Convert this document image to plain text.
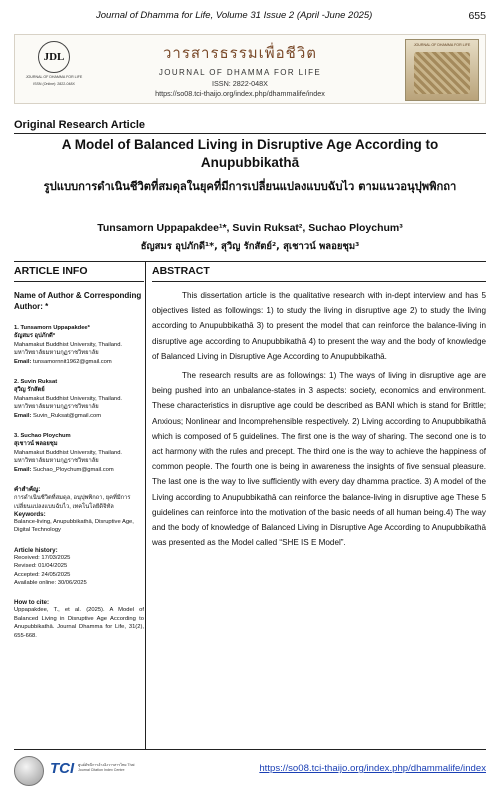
Journal of Dhamma for Life, Volume 31 Issue 2 (April -June 2025)	655
JDL
JOURNAL OF DHAMMA FOR LIFE
ISSN (Online): 2822-048X
วารสารธรรมเพื่อชีวิต
JOURNAL OF DHAMMA FOR LIFE
ISSN: 2822-048X
https://so08.tci-thaijo.org/index.php/dhammalife/index
JOURNAL OF DHAMMA FOR LIFE
Original Research Article
A Model of Balanced Living in Disruptive Age According to Anupubbikathā
รูปแบบการดำเนินชีวิตที่สมดุลในยุคที่มีการเปลี่ยนแปลงแบบฉับไว ตามแนวอนุปุพพิกถา
Tunsamorn Uppapakdee¹*, Suvin Ruksat², Suchao Ploychum³
ธัญสมร อุปภักดี¹*, สุวิญ รักสัตย์², สุเชาวน์ พลอยชุม³
ARTICLE INFO
Name of Author & Corresponding Author: *
1. Tunsamorn Uppapakdee*
ธัญสมร อุปภักดี*
Mahamakut Buddhist University, Thailand.
มหาวิทยาลัยมหามกุฏราชวิทยาลัย
Email: tunsamornnit1962@gmail.com
2. Suvin Ruksat
สุวิญ รักสัตย์
Mahamakut Buddhist University, Thailand.
มหาวิทยาลัยมหามกุฏราชวิทยาลัย
Email: Suvin_Ruksat@gmail.com
3. Suchao Ploychum
สุเชาวน์ พลอยชุม
Mahamakut Buddhist University, Thailand.
มหาวิทยาลัยมหามกุฏราชวิทยาลัย
Email: Suchao_Ploychum@gmail.com
คำสำคัญ:
การดำเนินชีวิตที่สมดุล, อนุปุพพิกถา, ยุคที่มีการเปลี่ยนแปลงแบบฉับไว, เทคโนโลยีดิจิทัล
Keywords:
Balance-living, Anupubbikathā, Disruptive Age, Digital Technology
Article history:
Received: 17/03/2025
Revised: 01/04/2025
Accepted: 24/05/2025
Available online: 30/06/2025
How to cite:
Uppapakdee, T., et al. (2025). A Model of Balanced Living in Disruptive Age According to Anupubbikathā. Journal Dhamma for Life, 31(2), 655-668.
ABSTRACT

This dissertation article is the qualitative research with in-dept interview and has 5 objectives listed as followings: 1) to study the living in disruptive age 2) to study the living according to Anupubbikathā 3) to present the model that can reinforce the balance-living in disruptive age according to Anupubbikathā 4) to present the way and the body of knowledge of Balanced Living in Disruptive Age According to Anupubbikathā.

The research results are as followings: 1) The ways of living in disruptive age are being pushed into an unbalance-states in 3 aspects: society, economics and environment. These characteristics in disruptive age could be described as BANI which is stand for Brittle; Anxious; Nonlinear and Incomprehensible respectively. 2) Living according to Anupubbikathā which is composed of 5 guidelines. The first one is the way of sharing. The second one is to act harmony with the rules and precept. The third one is the way to achieve the happiness of common people. The fourth one is being in awareness the insights of five sensual pleasure. The last one is the way to live sufficiently with every day dhamma practice. 3) A model of the Living according to Anupubbikathā can reinforce the balance-living in disruptive age These 5 guidelines can reinforce into the motivation of the basic needs of all human being.4) The way and the body of knowledge of Balanced Living in Disruptive Age According to Anupubbikathā was presented as the Model called “SHE IS E Model”.

TCI ศูนย์ดัชนีการอ้างอิงวารสารไทย Thai Journal Citation Index Centre	https://so08.tci-thaijo.org/index.php/dhammalife/index
